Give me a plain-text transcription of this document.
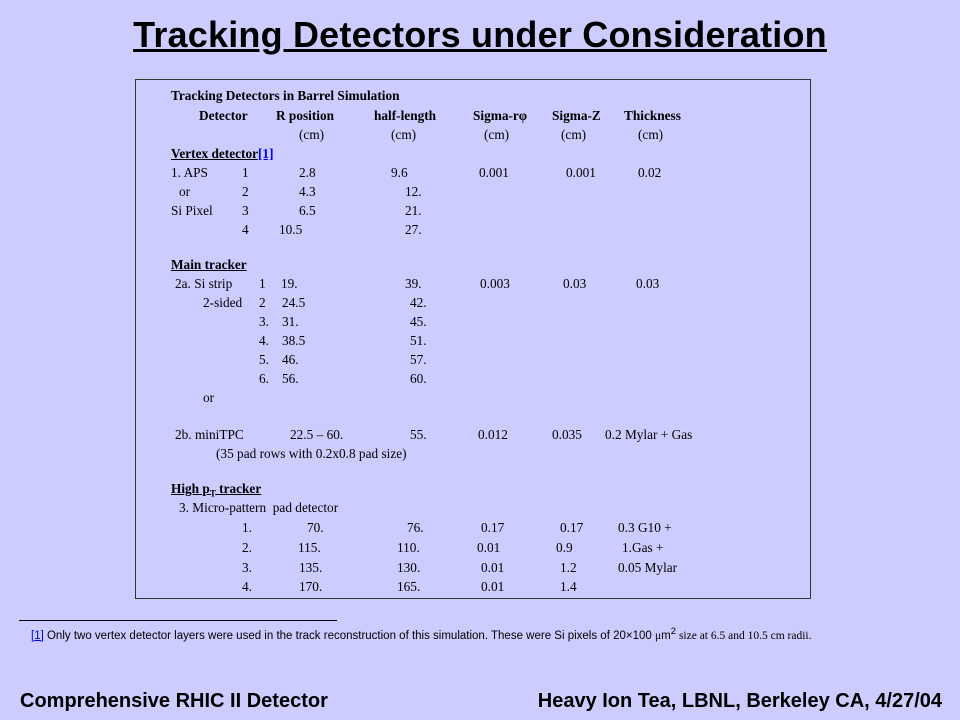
Tracking Detectors under Consideration
Tracking Detectors in Barrel Simulation
Detector R position	half-length	Sigma-rφ Sigma-Z Thickness
(cm)	(cm)	(cm)	(cm)	(cm)
Vertex detector[1]
1. APS	1	2.8	9.6	0.001	0.001	0.02
or	2	4.3	12.
Si Pixel 3	6.5	21.
4 10.5	27.
Main tracker
2a. Si strip 1 19.	39.	0.003	0.03	0.03
2-sided 2 24.5	42.
3. 31.	45.
4. 38.5	51.
5. 46.	57.
6. 56.	60.
or
2b. miniTPC	22.5 – 60.	55.	0.012	0.035 0.2 Mylar + Gas
(35 pad rows with 0.2x0.8 pad size)
High $p_T$ tracker
3. Micro-pattern  pad detector
1.	70.	76.	0.17	0.17	0.3 G10 +
2.	115.	110.	0.01	0.9	1.Gas +
3.	135.	130.	0.01	1.2	0.05 Mylar
4.	170.	165.	0.01	1.4
[1] Only two vertex detector layers were used in the track reconstruction of this simulation. These were Si pixels of 20×100 $\mu m^2$ size at 6.5 and 10.5 cm radii.
Comprehensive RHIC II Detector	Heavy Ion Tea, LBNL, Berkeley CA, 4/27/04
